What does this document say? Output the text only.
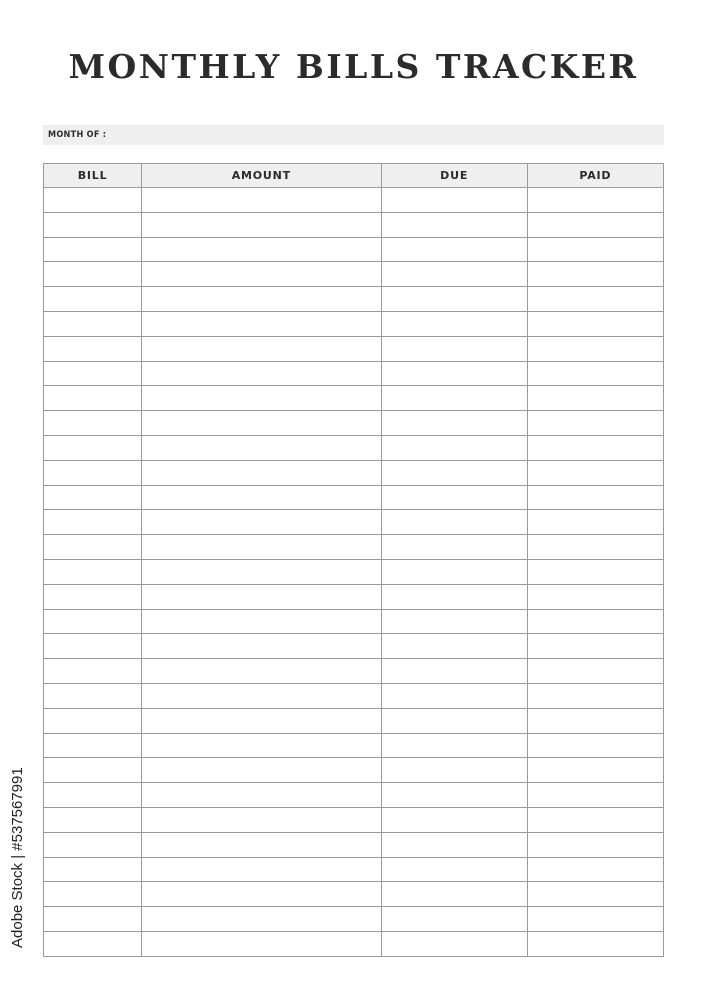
MONTHLY BILLS TRACKER
MONTH OF :
BILL	AMOUNT	DUE	PAID

Adobe Stock | #537567991
